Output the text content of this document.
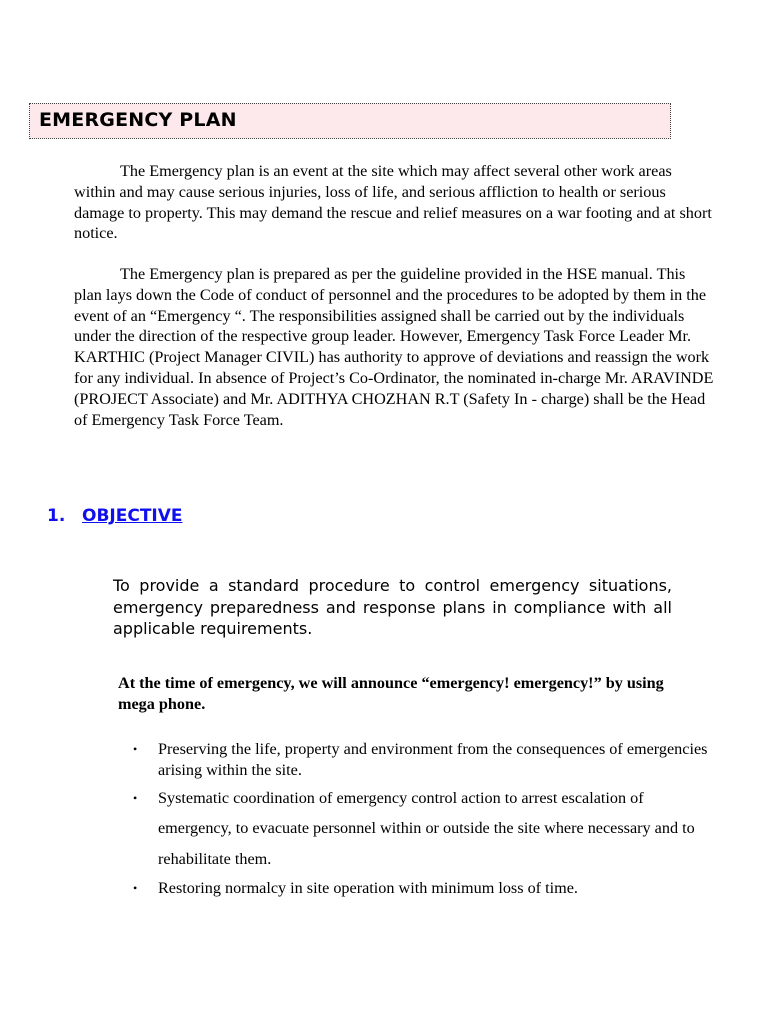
EMERGENCY PLAN

The Emergency plan is an event at the site which may affect several other work areas within and may cause serious injuries, loss of life, and serious affliction to health or serious damage to property. This may demand the rescue and relief measures on a war footing and at short notice.

The Emergency plan is prepared as per the guideline provided in the HSE manual. This plan lays down the Code of conduct of personnel and the procedures to be adopted by them in the event of an “Emergency “. The responsibilities assigned shall be carried out by the individuals under the direction of the respective group leader. However, Emergency Task Force Leader Mr. KARTHIC (Project Manager CIVIL) has authority to approve of deviations and reassign the work for any individual. In absence of Project’s Co-Ordinator, the nominated in-charge Mr. ARAVINDE (PROJECT Associate) and Mr. ADITHYA CHOZHAN R.T (Safety In - charge) shall be the Head of Emergency Task Force Team.

1. OBJECTIVE

To provide a standard procedure to control emergency situations, emergency preparedness and response plans in compliance with all applicable requirements.

At the time of emergency, we will announce “emergency! emergency!” by using mega phone.

• Preserving the life, property and environment from the consequences of emergencies arising within the site.
• Systematic coordination of emergency control action to arrest escalation of emergency, to evacuate personnel within or outside the site where necessary and to rehabilitate them.
• Restoring normalcy in site operation with minimum loss of time.
